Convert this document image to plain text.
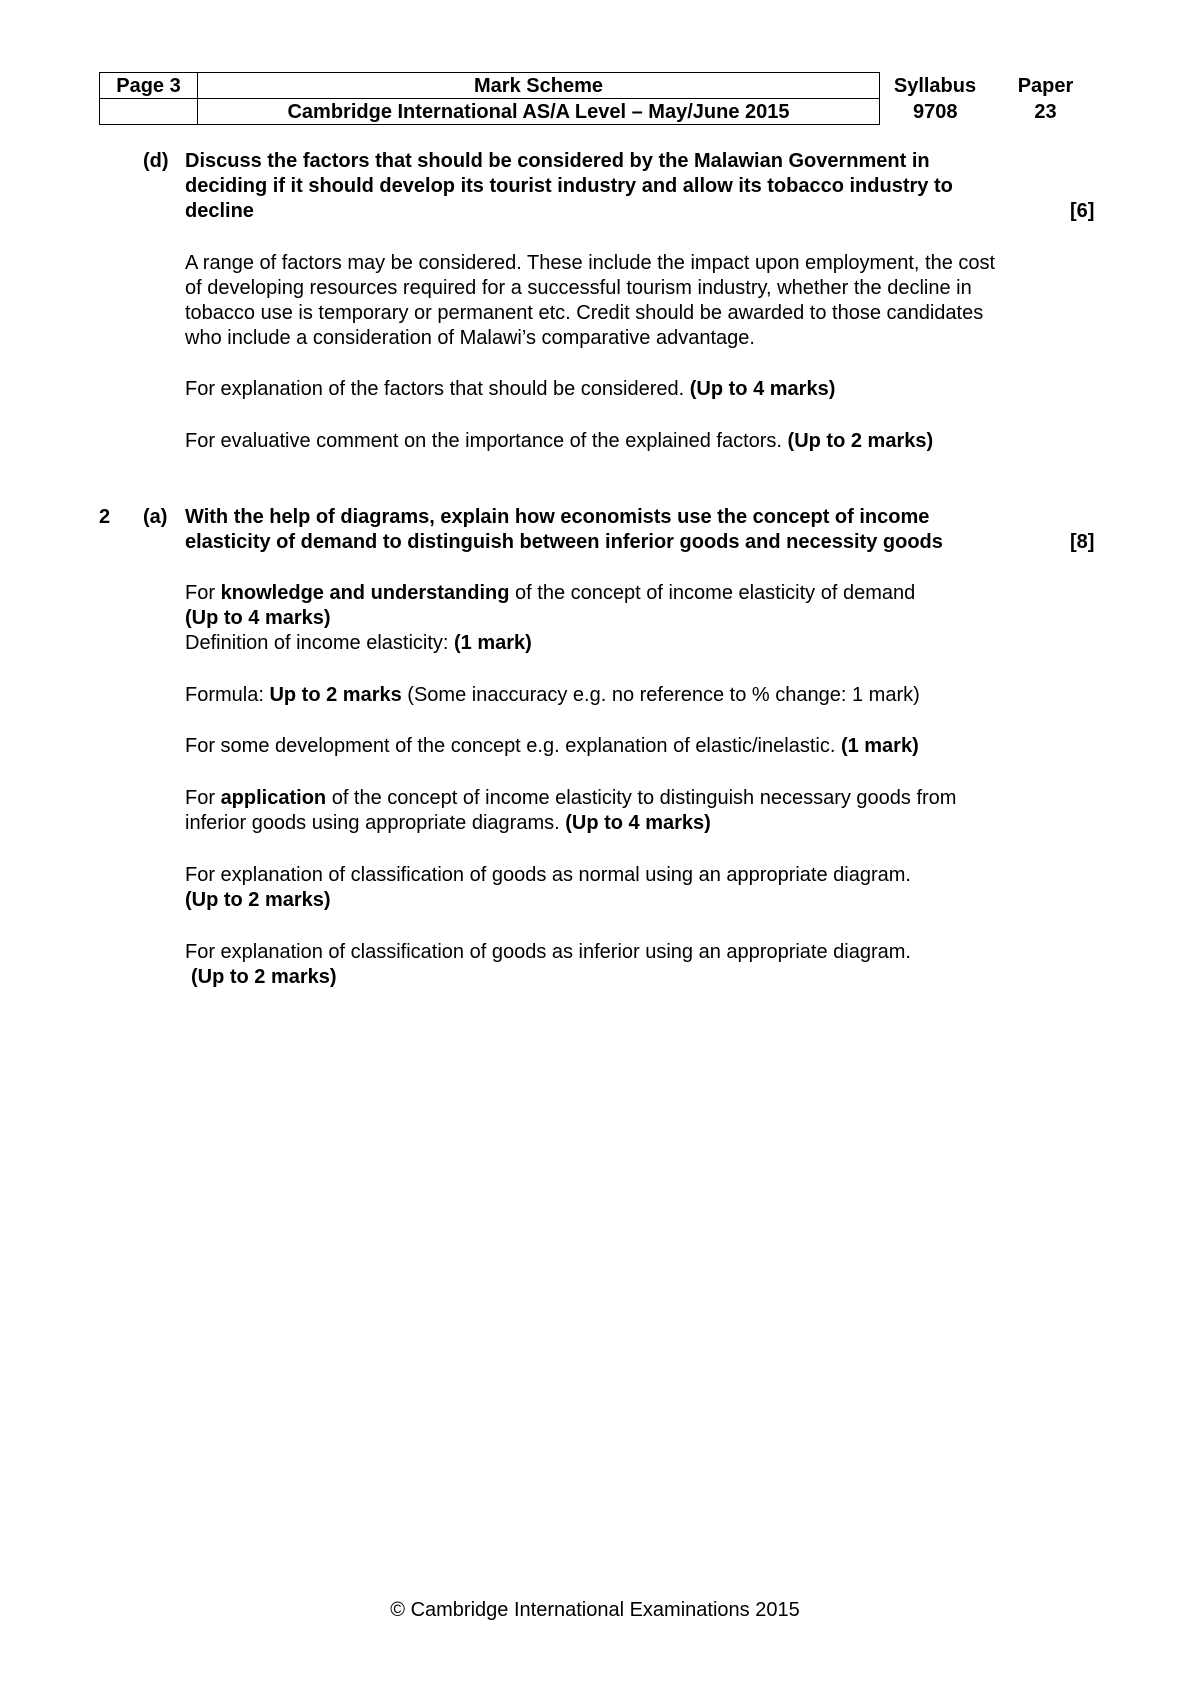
Page 3	Mark Scheme	Syllabus	Paper
	Cambridge International AS/A Level – May/June 2015	9708	23
(d) Discuss the factors that should be considered by the Malawian Government in
deciding if it should develop its tourist industry and allow its tobacco industry to
decline	[6]
A range of factors may be considered. These include the impact upon employment, the cost
of developing resources required for a successful tourism industry, whether the decline in
tobacco use is temporary or permanent etc. Credit should be awarded to those candidates
who include a consideration of Malawi’s comparative advantage.
For explanation of the factors that should be considered. (Up to 4 marks)
For evaluative comment on the importance of the explained factors. (Up to 2 marks)
2 (a) With the help of diagrams, explain how economists use the concept of income
elasticity of demand to distinguish between inferior goods and necessity goods	[8]
For knowledge and understanding of the concept of income elasticity of demand
(Up to 4 marks)
Definition of income elasticity: (1 mark)
Formula: Up to 2 marks (Some inaccuracy e.g. no reference to % change: 1 mark)
For some development of the concept e.g. explanation of elastic/inelastic. (1 mark)
For application of the concept of income elasticity to distinguish necessary goods from
inferior goods using appropriate diagrams. (Up to 4 marks)
For explanation of classification of goods as normal using an appropriate diagram.
(Up to 2 marks)
For explanation of classification of goods as inferior using an appropriate diagram.
(Up to 2 marks)
© Cambridge International Examinations 2015
